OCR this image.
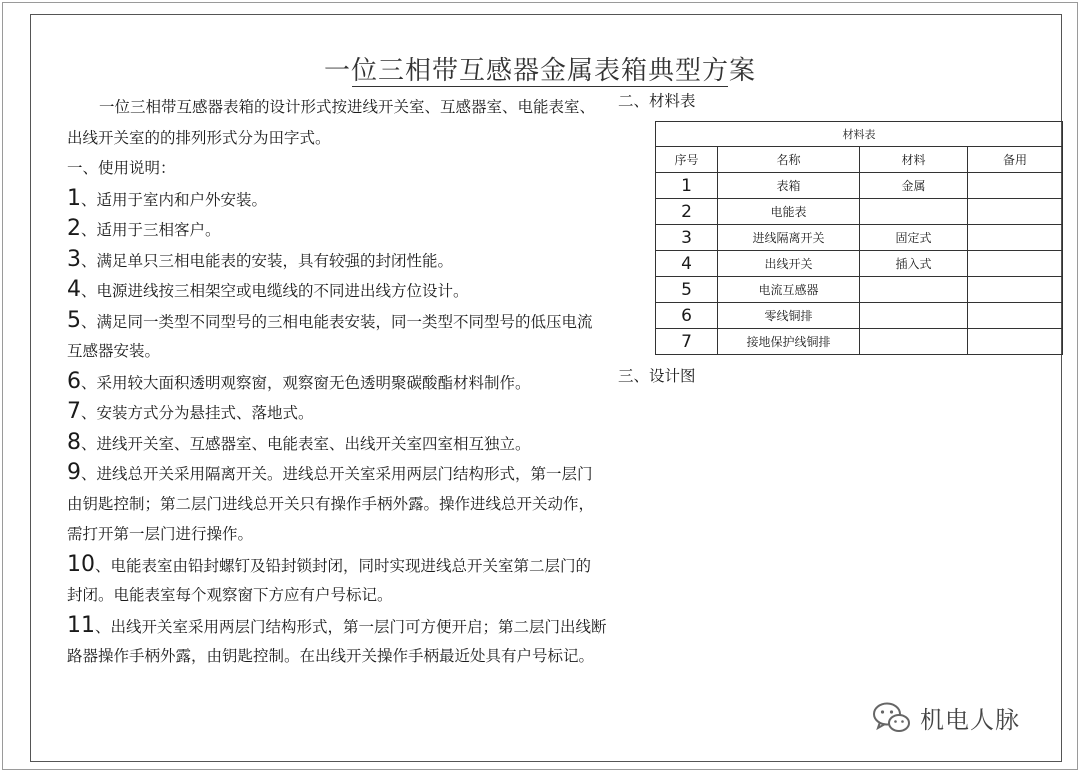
一位三相带互感器金属表箱典型方案
一位三相带互感器表箱的设计形式按进线开关室、互感器室、电能表室、
出线开关室的的排列形式分为田字式。
一、使用说明：
1、适用于室内和户外安装。
2、适用于三相客户。
3、满足单只三相电能表的安装，具有较强的封闭性能。
4、电源进线按三相架空或电缆线的不同进出线方位设计。
5、满足同一类型不同型号的三相电能表安装，同一类型不同型号的低压电流
互感器安装。
6、采用较大面积透明观察窗，观察窗无色透明聚碳酸酯材料制作。
7、安装方式分为悬挂式、落地式。
8、进线开关室、互感器室、电能表室、出线开关室四室相互独立。
9、进线总开关采用隔离开关。进线总开关室采用两层门结构形式，第一层门
由钥匙控制；第二层门进线总开关只有操作手柄外露。操作进线总开关动作，
需打开第一层门进行操作。
10、电能表室由铅封螺钉及铅封锁封闭，同时实现进线总开关室第二层门的
封闭。电能表室每个观察窗下方应有户号标记。
11、出线开关室采用两层门结构形式，第一层门可方便开启；第二层门出线断
路器操作手柄外露，由钥匙控制。在出线开关操作手柄最近处具有户号标记。
二、材料表
材料表			
序号	名称	材料	备用
1	表箱	金属	
2	电能表		
3	进线隔离开关	固定式	
4	出线开关	插入式	
5	电流互感器		
6	零线铜排		
7	接地保护线铜排		
三、设计图
机电人脉
